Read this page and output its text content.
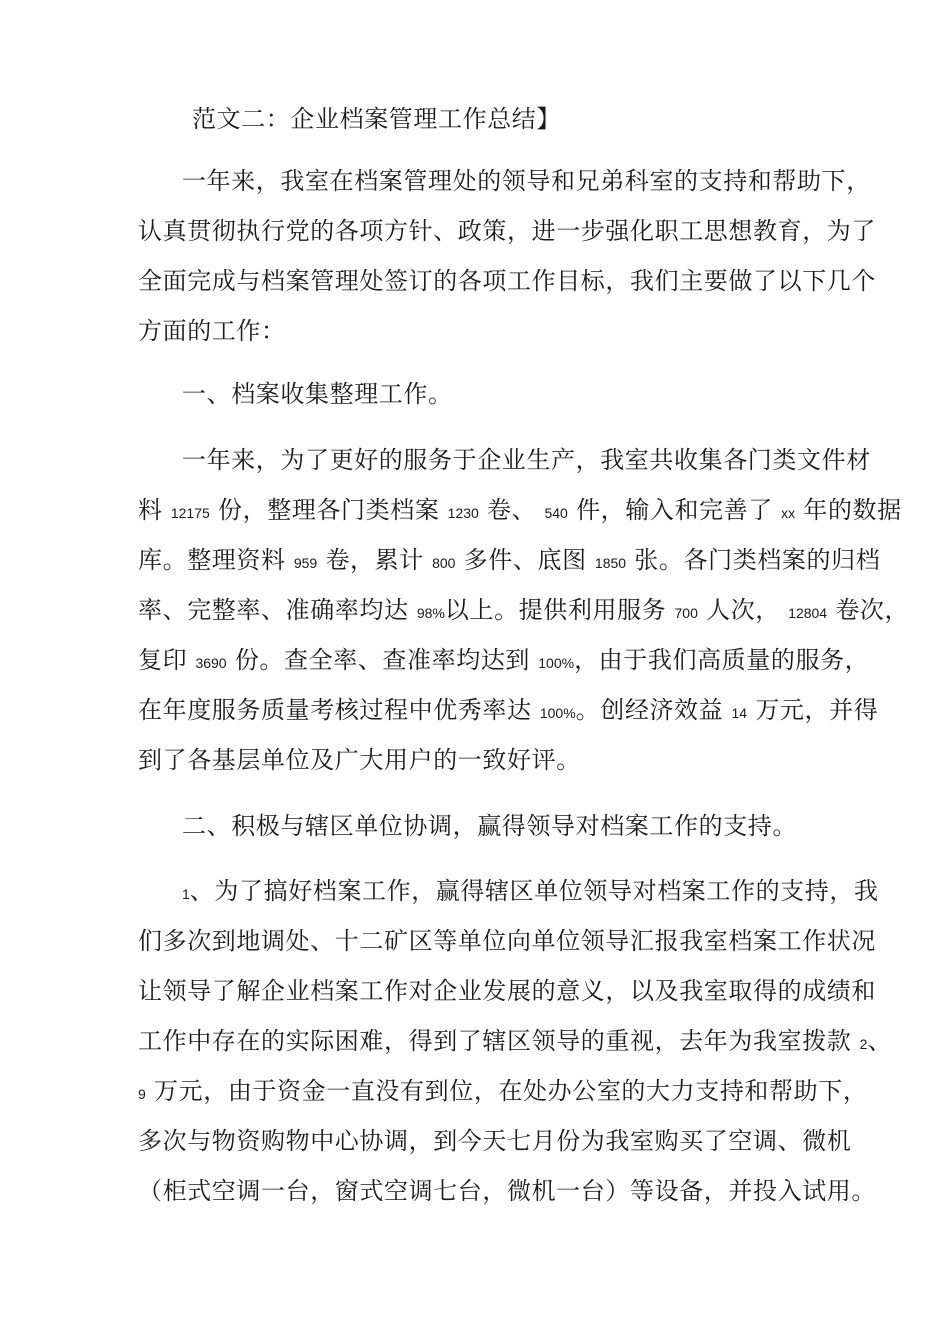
范文二：企业档案管理工作总结】
一年来，我室在档案管理处的领导和兄弟科室的支持和帮助下，
认真贯彻执行党的各项方针、政策，进一步强化职工思想教育，为了
全面完成与档案管理处签订的各项工作目标，我们主要做了以下几个
方面的工作：
一、档案收集整理工作。
一年来，为了更好的服务于企业生产，我室共收集各门类文件材
料 12175 份，整理各门类档案 1230 卷、 540 件，输入和完善了 xx 年的数据
库。整理资料 959 卷，累计 800 多件、底图 1850 张。各门类档案的归档
率、完整率、准确率均达 98%以上。提供利用服务 700 人次， 12804 卷次，
复印 3690 份。查全率、查准率均达到 100%，由于我们高质量的服务，
在年度服务质量考核过程中优秀率达 100%。创经济效益 14 万元，并得
到了各基层单位及广大用户的一致好评。
二、积极与辖区单位协调，赢得领导对档案工作的支持。
1、为了搞好档案工作，赢得辖区单位领导对档案工作的支持，我
们多次到地调处、十二矿区等单位向单位领导汇报我室档案工作状况
让领导了解企业档案工作对企业发展的意义，以及我室取得的成绩和
工作中存在的实际困难，得到了辖区领导的重视，去年为我室拨款 2、
9 万元，由于资金一直没有到位，在处办公室的大力支持和帮助下，
多次与物资购物中心协调，到今天七月份为我室购买了空调、微机
（柜式空调一台，窗式空调七台，微机一台）等设备，并投入试用。
